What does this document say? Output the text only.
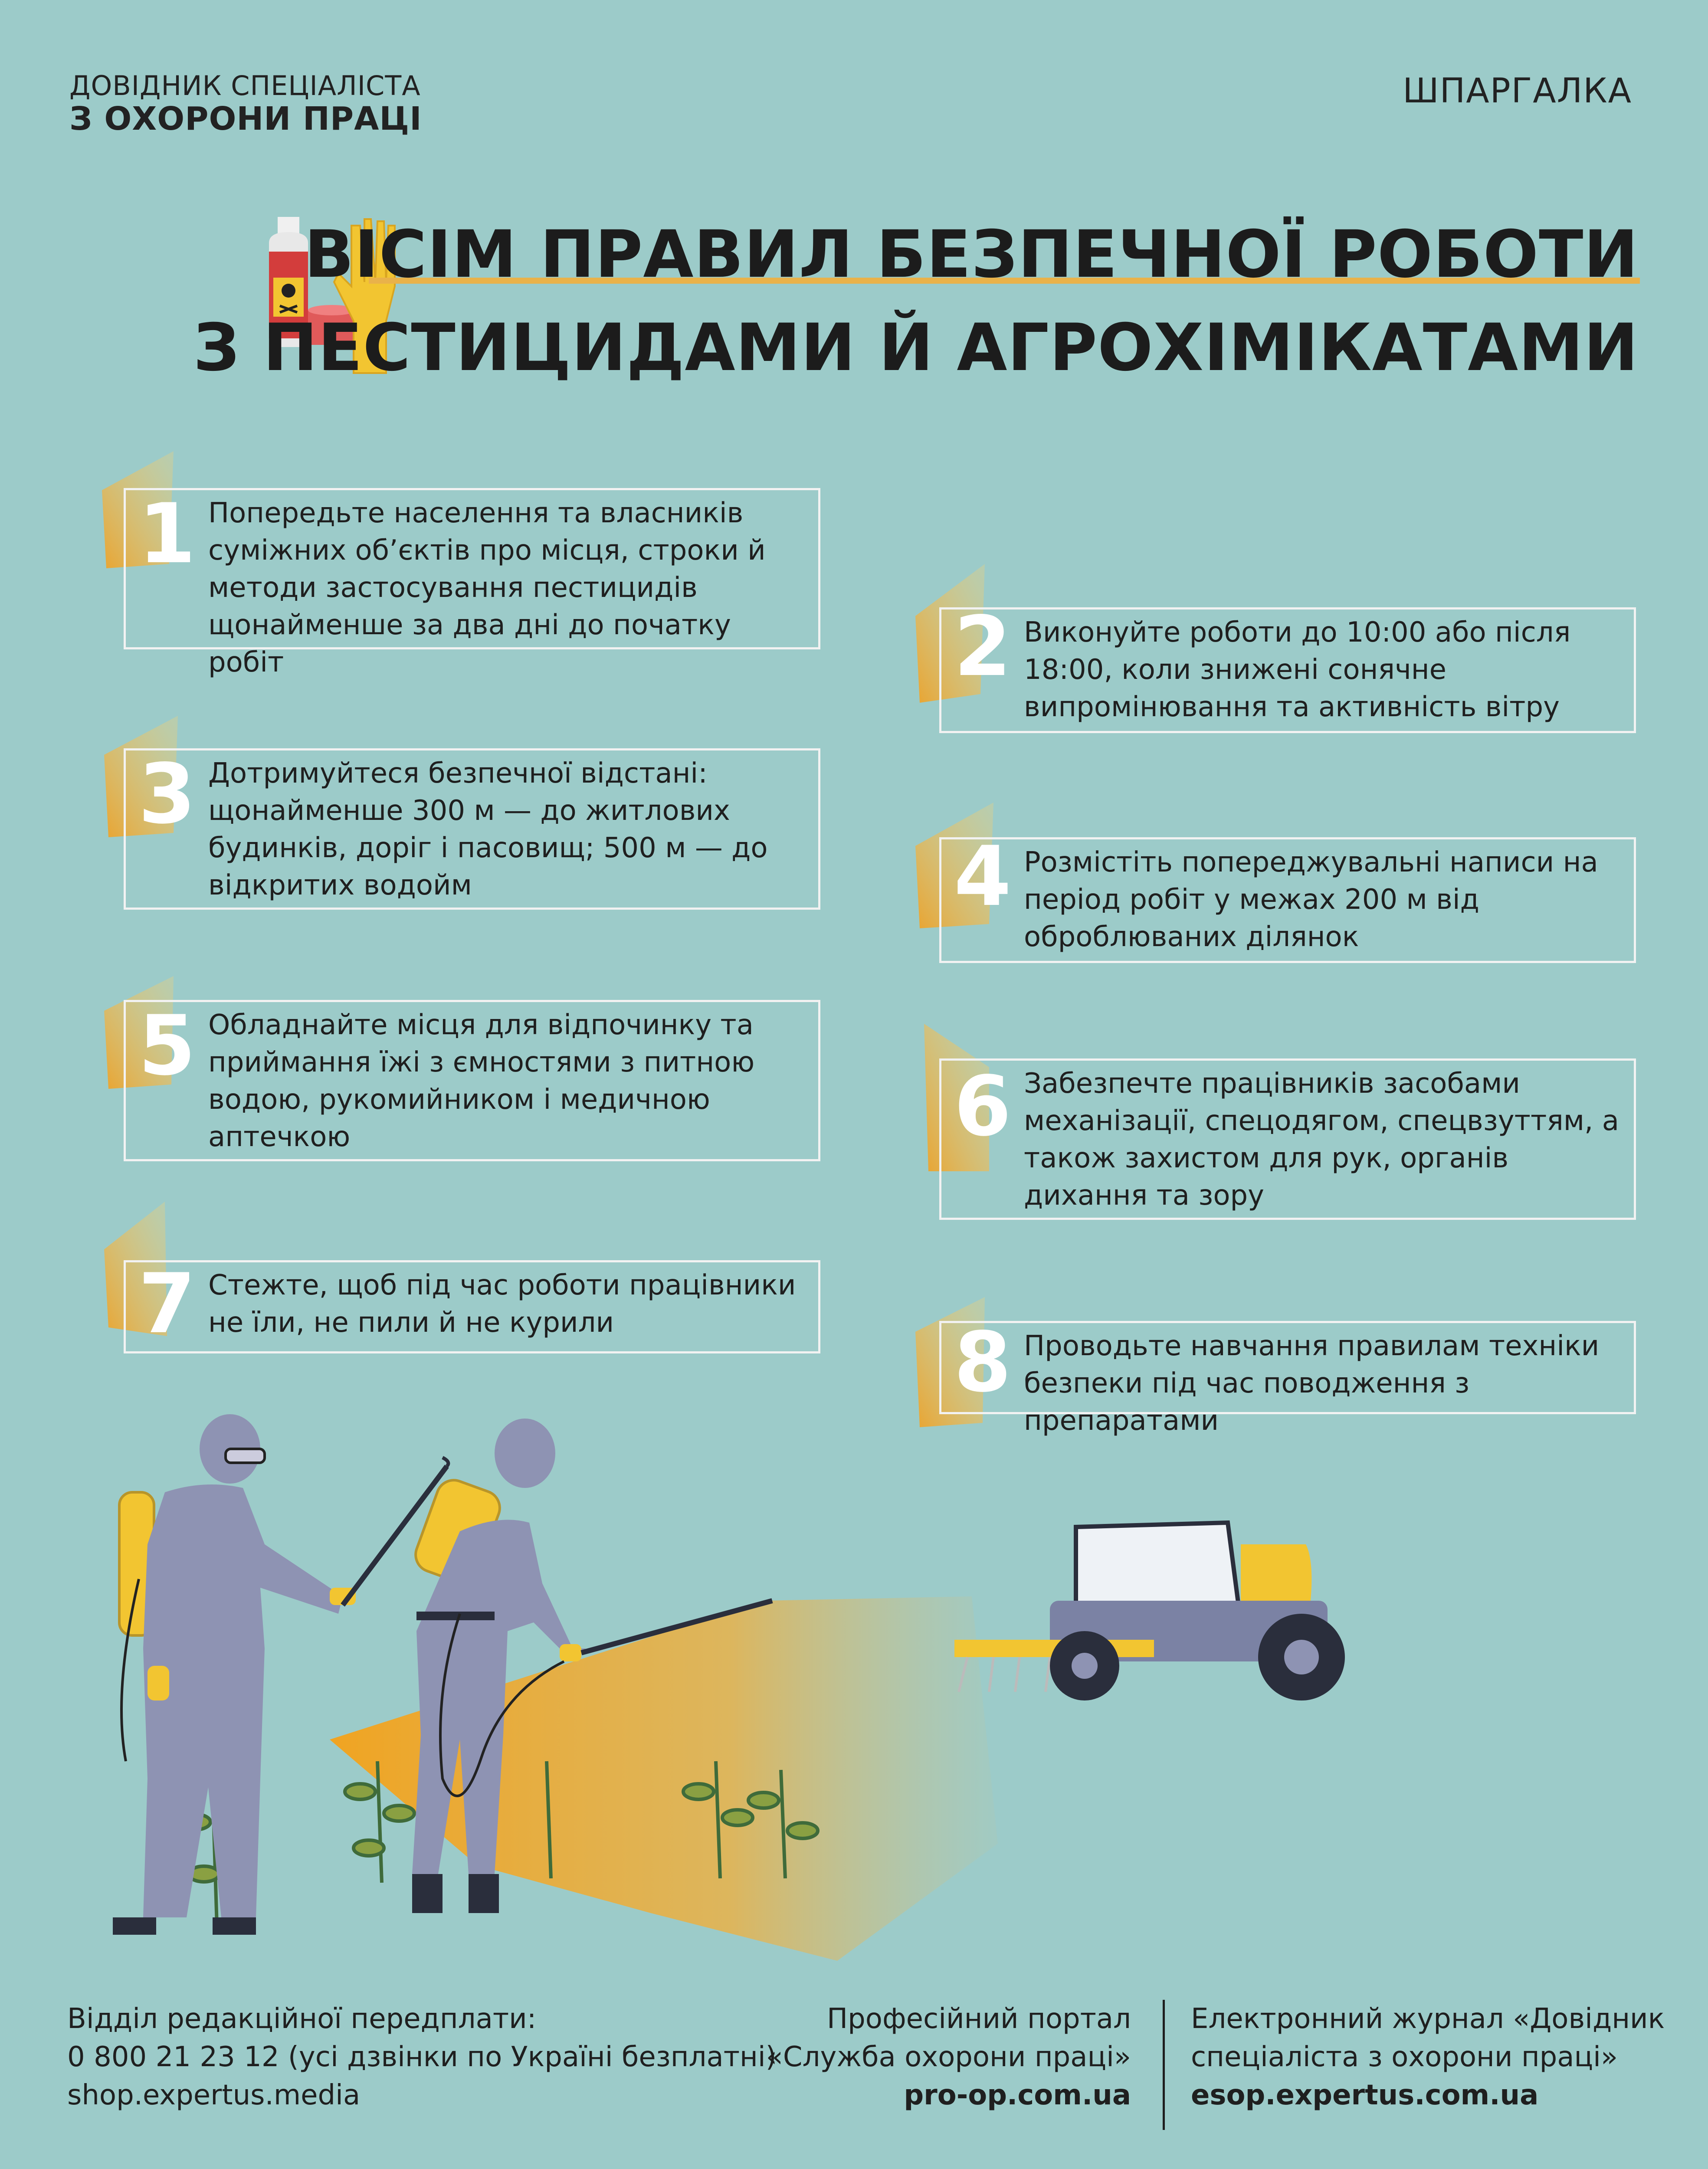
ДОВІДНИК СПЕЦІАЛІСТА
З ОХОРОНИ ПРАЦІ
ШПАРГАЛКА
ВІСІМ ПРАВИЛ БЕЗПЕЧНОЇ РОБОТИ
З ПЕСТИЦИДАМИ Й АГРОХІМІКАТАМИ
Попередьте населення та власників суміжних об’єктів про місця, строки й методи застосування пестицидів щонайменше за два дні до початку робіт
1
Виконуйте роботи до 10:00 або після 18:00, коли знижені сонячне випромінювання та активність вітру
2
Дотримуйтеся безпечної відстані: щонайменше 300 м — до житлових будинків, доріг і пасовищ; 500 м — до відкритих водойм
3
Розмістіть попереджувальні написи на період робіт у межах 200 м від оброблюваних ділянок
4
Обладнайте місця для відпочинку та приймання їжі з ємностями з питною водою, рукомийником і медичною аптечкою
5	Забезпечте працівників засобами механізації, спецодягом, спецвзуттям, а також захистом для рук, органів дихання та зору
6
Стежте, щоб під час роботи працівники не їли, не пили й не курили
7	Проводьте навчання правилам техніки безпеки під час поводження з препаратами
8
Відділ редакційної передплати:
0 800 21 23 12 (усі дзвінки по Україні безплатні)
shop.expertus.media
Професійний портал
«Служба охорони праці»
pro-op.com.ua
Електронний журнал «Довідник
спеціаліста з охорони праці»
esop.expertus.com.ua
